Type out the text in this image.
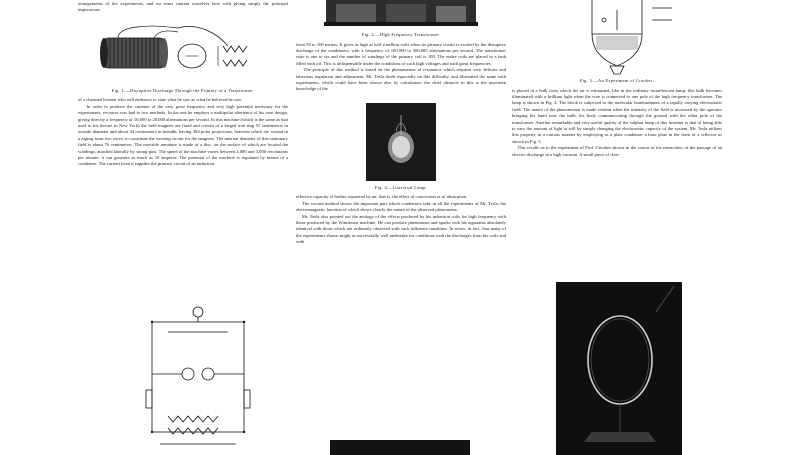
arrangements of the experiments, and we must content ourselves here with giving simply the principal impressions

Fig. 1.—Disruptive Discharge Through the Primary of a Transformer.

of a charmed listener who will endeavor to state what he saw as what he believed he saw.
In order to produce the currents of the very great frequency and very high potential necessary for the experiments, recourse was had to two methods. In the one he employs a multipolar alternator of his own design, giving directly a frequency of 10,000 to 20,000 alternations per second. In this machine (which is the same as that used in his lecture in New York) the field magnets are fixed and consist of a forged iron ring 51 centimeters in outside diameter and about 34 centimeters in breadth, having 384 polar projections, between which are wound in a zigzag form two wires, to constitute the exciting circuit for the magnets. The internal diameter of this stationary field is about 76 centimeters. The movable armature is made of a disc, on the surface of which are located the windings, attached laterally by strong pins. The speed of the machine varies between 2,000 and 3,000 revolutions per minute; it can generate as much as 10 amperes. The potential of the machine is regulated by means of a condenser. The current from it supplies the primary circuit of an induction

Fig. 2.—High Frequency Transformer.

from 50 to 100 meters. It gives as high as half a million volts when its primary circuit is excited by the disruptive discharge of the condensers, with a frequency of 100,000 to 500,000 alternations per second. The transformer ratio is one to six and the number of windings of the primary coil is 100. The entire coils are placed in a tank filled with oil. This is indispensable under the conditions of such high voltages and such great frequencies.
The principle of this method is based on the phenomenon of resonance which requires very delicate and laborious regulation and adjustment. Mr. Tesla dwelt especially on this difficulty, and illustrated the same with experiments, which could have been shown also by calculation; the chief obstacle in this is the uncertain knowledge of the

Fig. 4.—Universal Lamp.

effective capacity of bodies separated by air, that is, the effect of convection or of absorption.
The second method shows the important part which condensers take in all the experiments of Mr. Tesla, the electromagnetic function of which shows clearly the nature of the observed phenomena.
Mr. Tesla also pointed out the analogy of the effects produced by his induction coils for high frequency with those produced by the Wimshurst machine. He can produce phenomena and sparks with his apparatus absolutely identical with those which are ordinarily observed with such influence machines. In series, in fact, that many of the experiments shown might as successfully well undertake for conditions with the discharges from his coils and with

Fig. 3.—An Experiment of Crookes.

is placed in a bulb from which the air is exhausted, like in the ordinary incandescent lamp; this bulb becomes illuminated with a brilliant light when the wire is connected to one pole of the high frequency transformer. The lamp is shown in Fig. 4. The block is subjected to the molecular bombardment of a rapidly varying electrostatic field. The nature of the phenomenon is made evident when the intensity of the field is increased by the operator bringing his hand near the bulb, his body communicating through the ground with the other pole of the transformer. Another remarkable and very useful quality of the sulphur lamp of this inventor is that of being able to vary the amount of light at will by simply changing the electrostatic capacity of the system. Mr. Tesla utilizes this property in a curious manner by employing as a plate condenser a base plate in the form of a reflector as shown in Fig. 5.
This recalls us to the experiment of Prof. Crookes shown in the course of his researches, of the passage of an electric discharge in a high vacuum. A small piece of char-
